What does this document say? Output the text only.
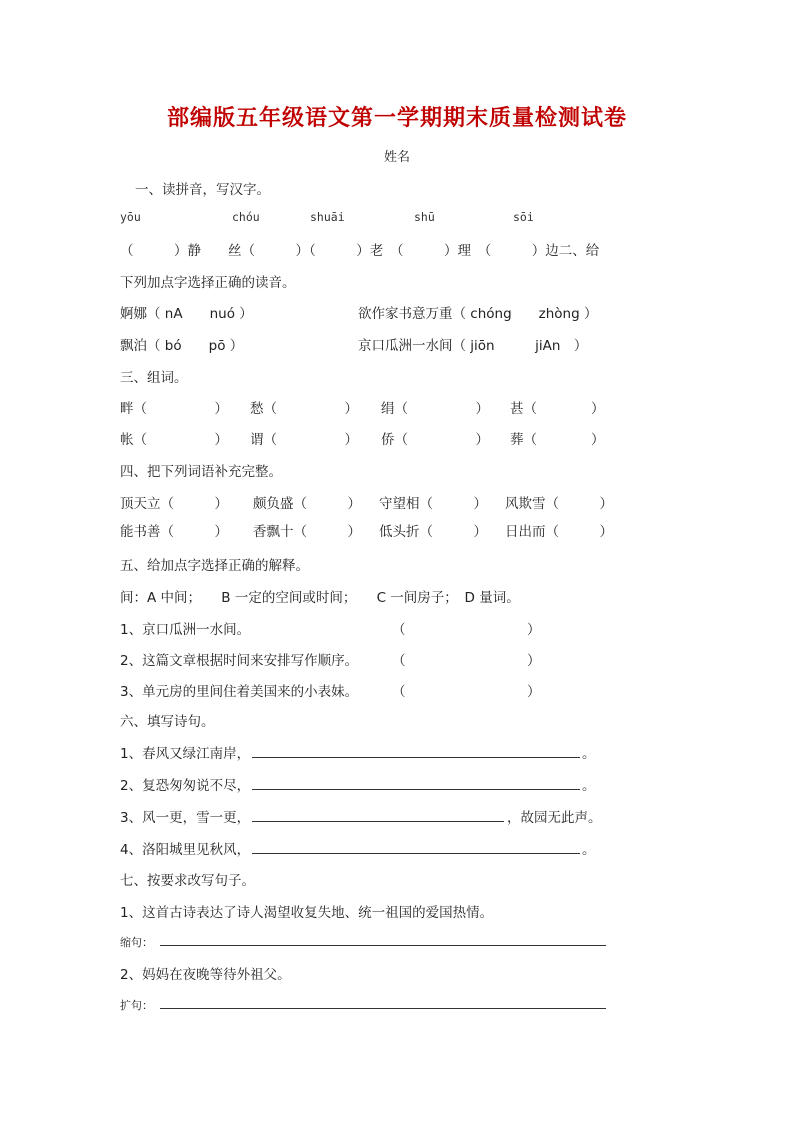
部编版五年级语文第一学期期末质量检测试卷
姓名
一、读拼音，写汉字。
yōu	chóu	shuāi	shū	sōi
（　　　）静　　丝（　　　）（　　　）老　（　　　）理　（　　　）边二、给
下列加点字选择正确的读音。
婀娜（ nA　　nuó ）	欲作家书意万重（ chóng　　zhòng ）
飘泊（ bó　　pō ）	京口瓜洲一水间（ jiōn　　　jiAn　）
三、组词。
畔（　　　　　） 愁（　　　　　） 绢（　　　　　） 甚（　　　　）
帐（　　　　　） 谓（　　　　　） 侨（　　　　　） 葬（　　　　）
四、把下列词语补充完整。
顶天立（　　　） 颇负盛（　　　） 守望相（　　　） 风欺雪（　　　）
能书善（　　　） 香飘十（　　　） 低头折（　　　） 日出而（　　　）
五、给加点字选择正确的解释。
间：A 中间；　　B 一定的空间或时间；　　C 一间房子；　D 量词。
1、京口瓜洲一水间。	（　　　　　　　　　）
2、这篇文章根据时间来安排写作顺序。	（　　　　　　　　　）
3、单元房的里间住着美国来的小表妹。	（　　　　　　　　　）
六、填写诗句。
1、春风又绿江南岸，	。
2、复恐匆匆说不尽，	。
3、风一更，雪一更，	，故园无此声。
4、洛阳城里见秋风，	。
七、按要求改写句子。
1、这首古诗表达了诗人渴望收复失地、统一祖国的爱国热情。
缩句：
2、妈妈在夜晚等待外祖父。
扩句：
